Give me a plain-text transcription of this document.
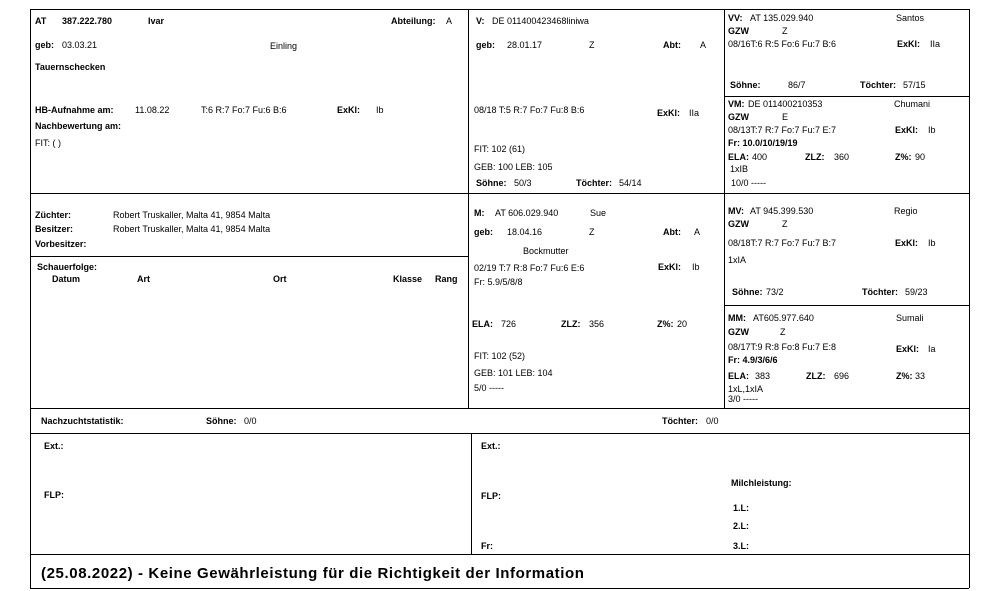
AT 387.222.780	Ivar	Abteilung: A
geb: 03.03.21	Einling
Tauernschecken
HB-Aufnahme am: 11.08.22	T:6 R:7 Fo:7 Fu:6 B:6	ExKl: Ib
Nachbewertung am:
FIT: ( )
Züchter:	Robert Truskaller, Malta 41, 9854 Malta
Besitzer:	Robert Truskaller, Malta 41, 9854 Malta
Vorbesitzer:
Schauerfolge:
Datum	Art	Ort	Klasse Rang
V: DE 011400423468liniwa
geb: 28.01.17	Z	Abt: A
08/18 T:5 R:7 Fo:7 Fu:8 B:6	ExKl: IIa
FIT: 102 (61)
GEB: 100 LEB: 105
Söhne: 50/3	Töchter: 54/14
M: AT 606.029.940	Sue
geb: 18.04.16	Z	Abt: A
Bockmutter
02/19 T:7 R:8 Fo:7 Fu:6 E:6	ExKl: Ib
Fr: 5.9/5/8/8
ELA: 726	ZLZ: 356	Z%: 20
FIT: 102 (52)
GEB: 101 LEB: 104
5/0 -----
VV: AT 135.029.940	Santos
GZW	Z
08/16T:6 R:5 Fo:6 Fu:7 B:6	ExKl: IIa
Söhne:	86/7	Töchter: 57/15
VM: DE 011400210353	Chumani
GZW	E
08/13T:7 R:7 Fo:7 Fu:7 E:7	ExKl: Ib
Fr: 10.0/10/19/19
ELA: 400	ZLZ: 360	Z%: 90
1xIB
10/0 -----
MV: AT 945.399.530	Regio
GZW	Z
08/18T:7 R:7 Fo:7 Fu:7 B:7	ExKl: Ib
1xIA
Söhne: 73/2	Töchter: 59/23
MM: AT605.977.640	Sumali
GZW	Z
08/17T:9 R:8 Fo:8 Fu:7 E:8	ExKl: Ia
Fr: 4.9/3/6/6
ELA: 383	ZLZ: 696	Z%: 33
1xL,1xIA
3/0 -----
Nachzuchtstatistik:	Söhne: 0/0	Töchter: 0/0
Ext.:
FLP:
Ext.:
FLP:
Fr:
Milchleistung:
1.L:
2.L:
3.L:
(25.08.2022) - Keine Gewährleistung für die Richtigkeit der Information
